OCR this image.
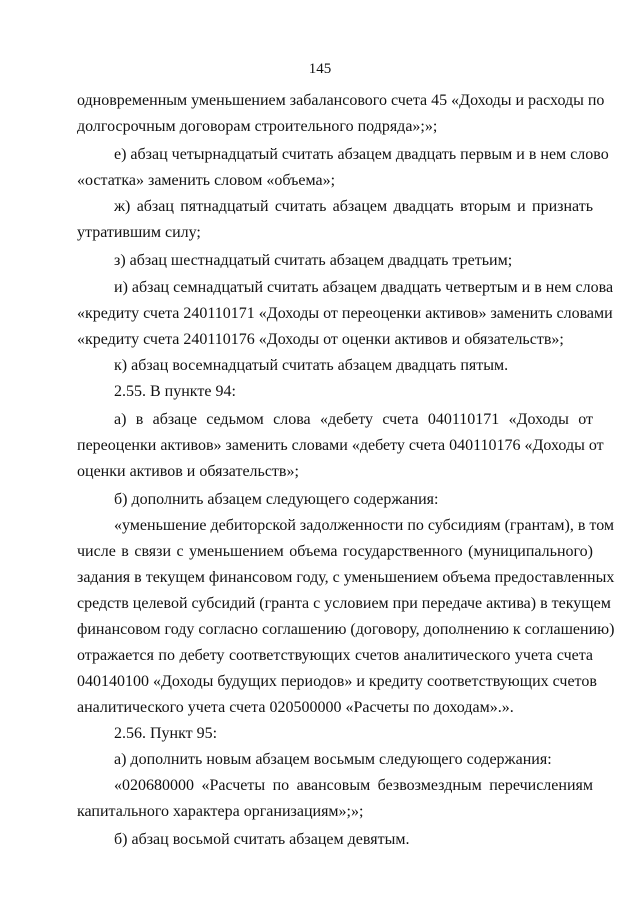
145
одновременным уменьшением забалансового счета 45 «Доходы и расходы по
долгосрочным договорам строительного подряда»;»;
е) абзац четырнадцатый считать абзацем двадцать первым и в нем слово
«остатка» заменить словом «объема»;
ж) абзац пятнадцатый считать абзацем двадцать вторым и признать
утратившим силу;
з) абзац шестнадцатый считать абзацем двадцать третьим;
и) абзац семнадцатый считать абзацем двадцать четвертым и в нем слова
«кредиту счета 240110171 «Доходы от переоценки активов» заменить словами
«кредиту счета 240110176 «Доходы от оценки активов и обязательств»;
к) абзац восемнадцатый считать абзацем двадцать пятым.
2.55. В пункте 94:
а) в абзаце седьмом слова «дебету счета 040110171 «Доходы от
переоценки активов» заменить словами «дебету счета 040110176 «Доходы от
оценки активов и обязательств»;
б) дополнить абзацем следующего содержания:
«уменьшение дебиторской задолженности по субсидиям (грантам), в том
числе в связи с уменьшением объема государственного (муниципального)
задания в текущем финансовом году, с уменьшением объема предоставленных
средств целевой субсидий (гранта с условием при передаче актива) в текущем
финансовом году согласно соглашению (договору, дополнению к соглашению)
отражается по дебету соответствующих счетов аналитического учета счета
040140100 «Доходы будущих периодов» и кредиту соответствующих счетов
аналитического учета счета 020500000 «Расчеты по доходам».».
2.56. Пункт 95:
а) дополнить новым абзацем восьмым следующего содержания:
«020680000 «Расчеты по авансовым безвозмездным перечислениям
капитального характера организациям»;»;
б) абзац восьмой считать абзацем девятым.
